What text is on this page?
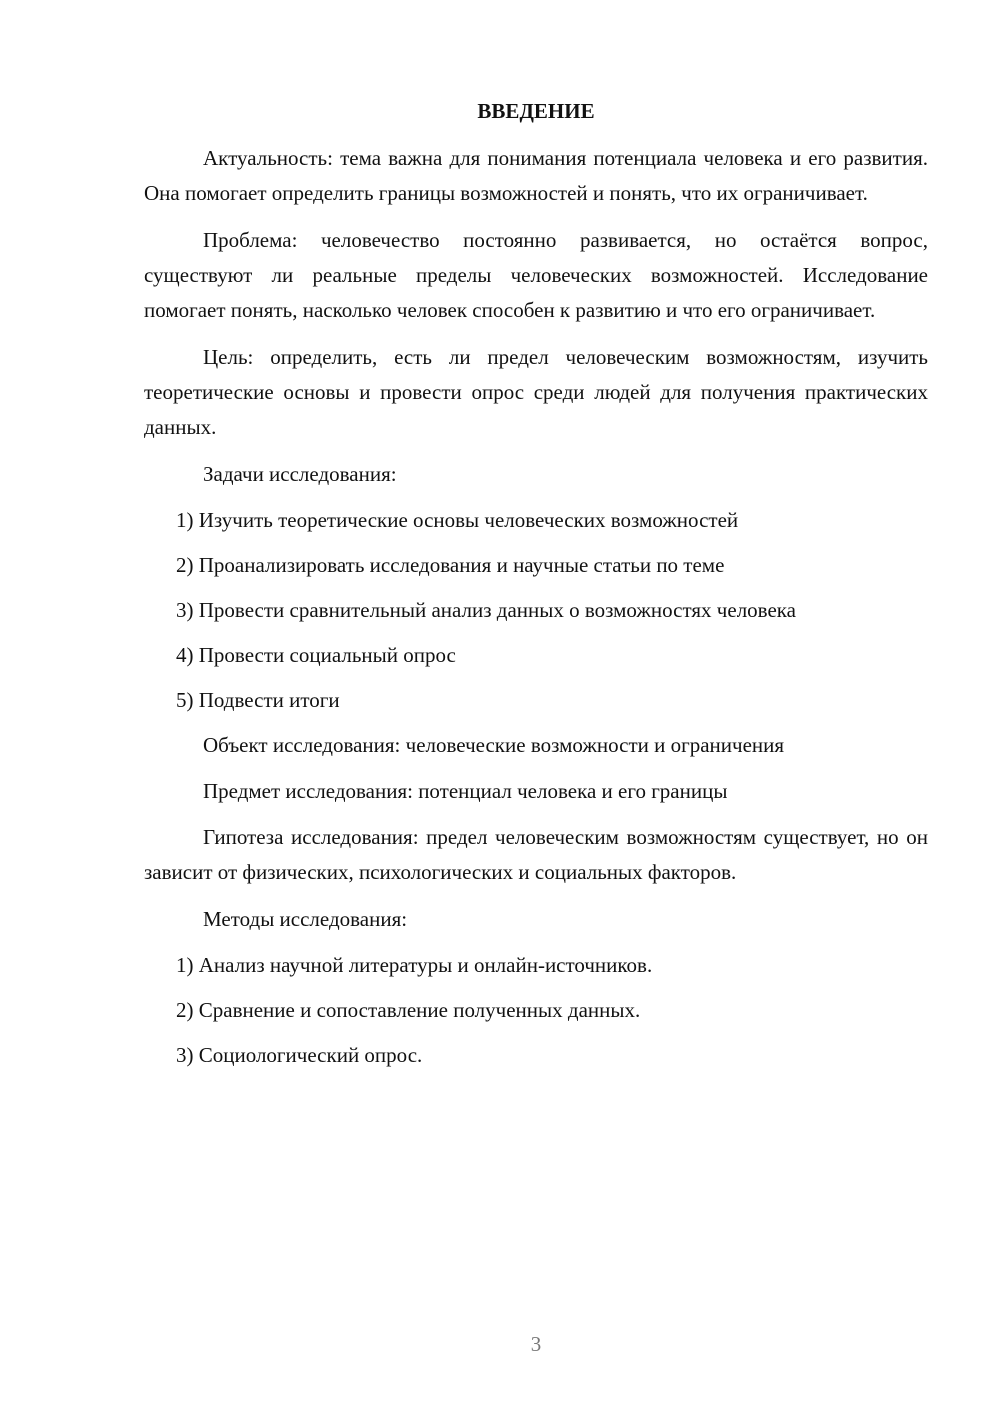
ВВЕДЕНИЕ

Актуальность: тема важна для понимания потенциала человека и его развития. Она помогает определить границы возможностей и понять, что их ограничивает.

Проблема: человечество постоянно развивается, но остаётся вопрос, существуют ли реальные пределы человеческих возможностей. Исследование помогает понять, насколько человек способен к развитию и что его ограничивает.

Цель: определить, есть ли предел человеческим возможностям, изучить теоретические основы и провести опрос среди людей для получения практических данных.

Задачи исследования:

1) Изучить теоретические основы человеческих возможностей
2) Проанализировать исследования и научные статьи по теме
3) Провести сравнительный анализ данных о возможностях человека
4) Провести социальный опрос
5) Подвести итоги

Объект исследования: человеческие возможности и ограничения

Предмет исследования: потенциал человека и его границы

Гипотеза исследования: предел человеческим возможностям существует, но он зависит от физических, психологических и социальных факторов.

Методы исследования:

1) Анализ научной литературы и онлайн-источников.
2) Сравнение и сопоставление полученных данных.
3) Социологический опрос.
3
